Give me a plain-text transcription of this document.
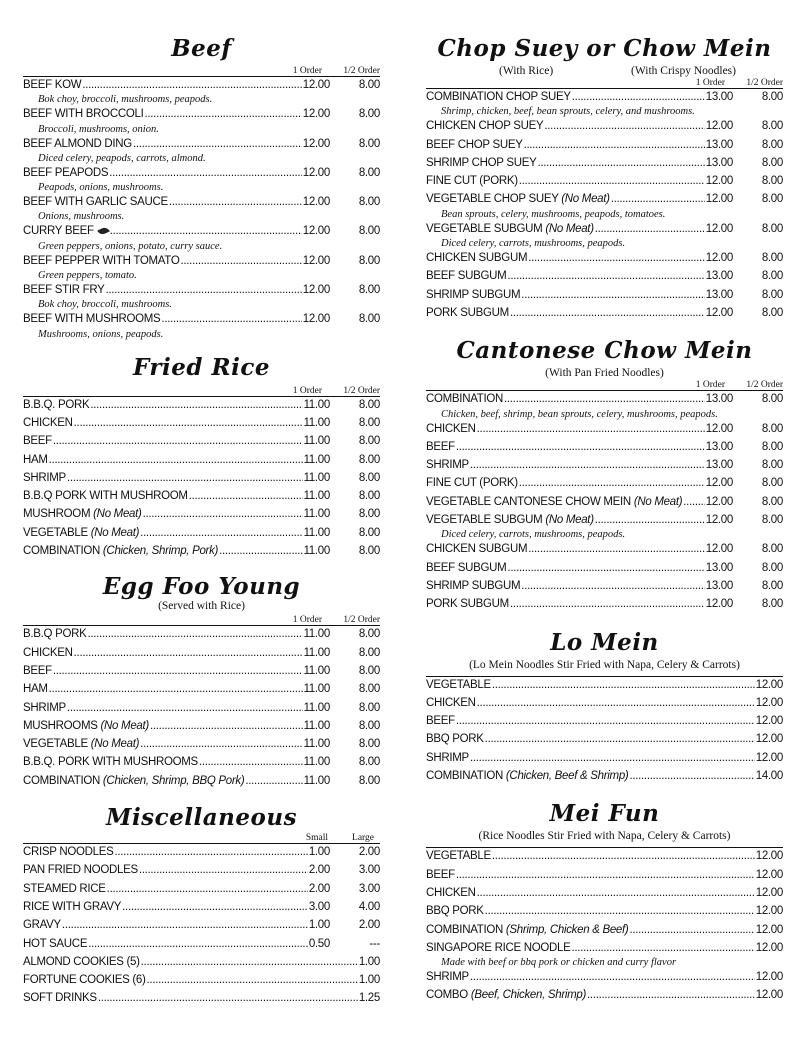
Beef
1 Order 1/2 Order
BEEF KOW .....	12.00	8.00
Bok choy, broccoli, mushrooms, peapods.
BEEF WITH BROCCOLI .....	12.00	8.00
Broccoli, mushrooms, onion.
BEEF ALMOND DING .....	12.00	8.00
Diced celery, peapods, carrots, almond.
BEEF PEAPODS .....	12.00	8.00
Peapods, onions, mushrooms.
BEEF WITH GARLIC SAUCE .....	12.00	8.00
Onions, mushrooms.
CURRY BEEF .....	12.00	8.00
Green peppers, onions, potato, curry sauce.
BEEF PEPPER WITH TOMATO .....	12.00	8.00
Green peppers, tomato.
BEEF STIR FRY .....	12.00	8.00
Bok choy, broccoli, mushrooms.
BEEF WITH MUSHROOMS .....	12.00	8.00
Mushrooms, onions, peapods.
Fried Rice
1 Order 1/2 Order
B.B.Q. PORK .....	11.00	8.00
CHICKEN .....	11.00	8.00
BEEF .....	11.00	8.00
HAM .....	11.00	8.00
SHRIMP .....	11.00	8.00
B.B.Q PORK WITH MUSHROOM .....	11.00	8.00
MUSHROOM (No Meat) .....	11.00	8.00
VEGETABLE (No Meat) .....	11.00	8.00
COMBINATION (Chicken, Shrimp, Pork) .....	11.00	8.00
Egg Foo Young
(Served with Rice)
1 Order 1/2 Order
B.B.Q PORK .....	11.00	8.00
CHICKEN .....	11.00	8.00
BEEF .....	11.00	8.00
HAM .....	11.00	8.00
SHRIMP .....	11.00	8.00
MUSHROOMS (No Meat) .....	11.00	8.00
VEGETABLE (No Meat) .....	11.00	8.00
B.B.Q. PORK WITH MUSHROOMS .....	11.00	8.00
COMBINATION (Chicken, Shrimp, BBQ Pork) .....	11.00	8.00
Miscellaneous
Small	Large
CRISP NOODLES .....	1.00	2.00
PAN FRIED NOODLES .....	2.00	3.00
STEAMED RICE .....	2.00	3.00
RICE WITH GRAVY .....	3.00	4.00
GRAVY .....	1.00	2.00
HOT SAUCE .....	0.50	---
ALMOND COOKIES (5) .....	1.00
FORTUNE COOKIES (6) .....	1.00
SOFT DRINKS .....	1.25
Chop Suey or Chow Mein
(With Rice)	(With Crispy Noodles)
1 Order 1/2 Order
COMBINATION CHOP SUEY .....	13.00	8.00
Shrimp, chicken, beef, bean sprouts, celery, and mushrooms.
CHICKEN CHOP SUEY .....	12.00	8.00
BEEF CHOP SUEY .....	13.00	8.00
SHRIMP CHOP SUEY .....	13.00	8.00
FINE CUT (PORK) .....	12.00	8.00
VEGETABLE CHOP SUEY (No Meat) .....	12.00	8.00
Bean sprouts, celery, mushrooms, peapods, tomatoes.
VEGETABLE SUBGUM (No Meat) .....	12.00	8.00
Diced celery, carrots, mushrooms, peapods.
CHICKEN SUBGUM .....	12.00	8.00
BEEF SUBGUM .....	13.00	8.00
SHRIMP SUBGUM .....	13.00	8.00
PORK SUBGUM .....	12.00	8.00
Cantonese Chow Mein
(With Pan Fried Noodles)
1 Order 1/2 Order
COMBINATION .....	13.00	8.00
Chicken, beef, shrimp, bean sprouts, celery, mushrooms, peapods.
CHICKEN .....	12.00	8.00
BEEF .....	13.00	8.00
SHRIMP .....	13.00	8.00
FINE CUT (PORK) .....	12.00	8.00
VEGETABLE CANTONESE CHOW MEIN (No Meat) ..... 12.00	8.00
VEGETABLE SUBGUM (No Meat) .....	12.00	8.00
Diced celery, carrots, mushrooms, peapods.
CHICKEN SUBGUM .....	12.00	8.00
BEEF SUBGUM .....	13.00	8.00
SHRIMP SUBGUM .....	13.00	8.00
PORK SUBGUM .....	12.00	8.00
Lo Mein
(Lo Mein Noodles Stir Fried with Napa, Celery & Carrots)
VEGETABLE .....	12.00
CHICKEN .....	12.00
BEEF .....	12.00
BBQ PORK .....	12.00
SHRIMP .....	12.00
COMBINATION (Chicken, Beef & Shrimp) .....	14.00
Mei Fun
(Rice Noodles Stir Fried with Napa, Celery & Carrots)
VEGETABLE .....	12.00
BEEF .....	12.00
CHICKEN .....	12.00
BBQ PORK .....	12.00
COMBINATION (Shrimp, Chicken & Beef) .....	12.00
SINGAPORE RICE NOODLE .....	12.00
Made with beef or bbq pork or chicken and curry flavor
SHRIMP .....	12.00
COMBO (Beef, Chicken, Shrimp) .....	12.00
